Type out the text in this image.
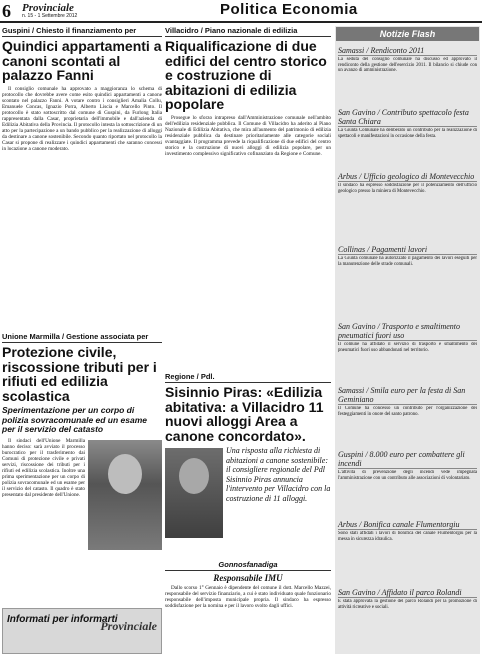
6 Provinciale
n. 15 - 1 Settembre 2012	Politica Economia
Guspini / Chiesto il finanziamento per
Quindici appartamenti a canoni scontati al palazzo Fanni

Il consiglio comunale ha approvato a maggioranza lo schema di protocollo che dovrebbe avere come esito quindici appartamenti a canone scontato nel palazzo Fanni. A votare contro i consiglieri Amalia Collu, Emanuele Concas, Ignazio Porra, Alberto Liscia e Marcello Pinto. Il protocollo è stato sottoscritto dal comune di Guspini, da Furlong Italia rappresentata dalla Casar, proprietaria dell'immobile e dall'azienda di Edilizia Abitativa della Provincia. Il protocollo intesta la sottoscrizione di un atto per la partecipazione a un bando pubblico per la realizzazione di alloggi da destinare a canone sostenibile. Secondo quanto riportato nel protocollo la Casar si propone di realizzare i quindici appartamenti che saranno concessi in locazione a canone moderato.

Unione Marmilla / Gestione associata per
Protezione civile, riscossione tributi per i rifiuti ed edilizia scolastica
Sperimentazione per un corpo di polizia sovracomunale ed un esame per il servizio del catasto

Il sindaci dell'Unione Marmilla hanno deciso: sarà avviato il processo burocratico per il trasferimento dai Comuni di protezione civile e privati servizi, riscossione dei tributi per i rifiuti ed edilizia scolastica. Inoltre una prima sperimentazione per un corpo di polizia sovracomunale ed un esame per il servizio del catasto. Il quadro è stato presentato dal presidente dell'Unione.

Informati per informarti
Provinciale
Villacidro / Piano nazionale di edilizia
Riqualificazione di due edifici del centro storico e costruzione di abitazioni di edilizia popolare

Prosegue lo sforzo intrapreso dall'Amministrazione comunale nell'ambito dell'edilizia residenziale pubblica. Il Comune di Villacidro ha aderito al Piano Nazionale di Edilizia Abitativa, che mira all'aumento del patrimonio di edilizia residenziale pubblica da destinare prioritariamente alle categorie sociali svantaggiate. Il programma prevede la riqualificazione di due edifici del centro storico e la costruzione di nuovi alloggi di edilizia popolare, per un investimento complessivo significativo cofinanziato da Regione e Comune.

Regione / Pdl.
Sisinnio Piras: «Edilizia abitativa: a Villacidro 11 nuovi alloggi Area a canone concordato».
Una risposta alla richiesta di abitazioni a canone sostenibile: il consigliere regionale del Pdl Sisinnio Piras annuncia l'intervento per Villacidro con la costruzione di 11 alloggi.
Gonnosfanadiga
Responsabile IMU

Dallo scorso 1° Gennaio è dipendente del comune il dott. Marcello Mazzei, responsabile del servizio finanziario, a cui è stato individuato quale funzionario responsabile dell'imposta municipale propria. Il sindaco ha espresso soddisfazione per la nomina e per il lavoro svolto dagli uffici.

Notizie Flash
Samassi / Rendiconto 2011
La seduta del consiglio comunale ha discusso ed approvato il rendiconto della gestione dell'esercizio 2011. Il bilancio si chiude con un avanzo di amministrazione.
San Gavino / Contributo spettacolo festa Santa Chiara
La Giunta Comunale ha deliberato un contributo per la realizzazione di spettacoli e manifestazioni in occasione della festa.
Arbus / Ufficio geologico di Montevecchio
Il sindaco ha espresso soddisfazione per il potenziamento dell'ufficio geologico presso la miniera di Montevecchio.
Collinas / Pagamenti lavori
La Giunta comunale ha autorizzato il pagamento dei lavori eseguiti per la manutenzione delle strade comunali.
San Gavino / Trasporto e smaltimento pneumatici fuori uso
Il comune ha affidato il servizio di trasporto e smaltimento dei pneumatici fuori uso abbandonati nel territorio.
Samassi / Smila euro per la festa di San Geminiano
Il Comune ha concesso un contributo per l'organizzazione dei festeggiamenti in onore del santo patrono.
Guspini / 8.000 euro per combattere gli incendi
L'attività di prevenzione degli incendi vede impegnata l'amministrazione con un contributo alle associazioni di volontariato.
Arbus / Bonifica canale Flumentorgiu
Sono stati affidati i lavori di bonifica del canale Flumentorgiu per la messa in sicurezza idraulica.
San Gavino / Affidato il parco Rolandi
È stata approvata la gestione del parco Rolandi per la promozione di attività ricreative e sociali.
